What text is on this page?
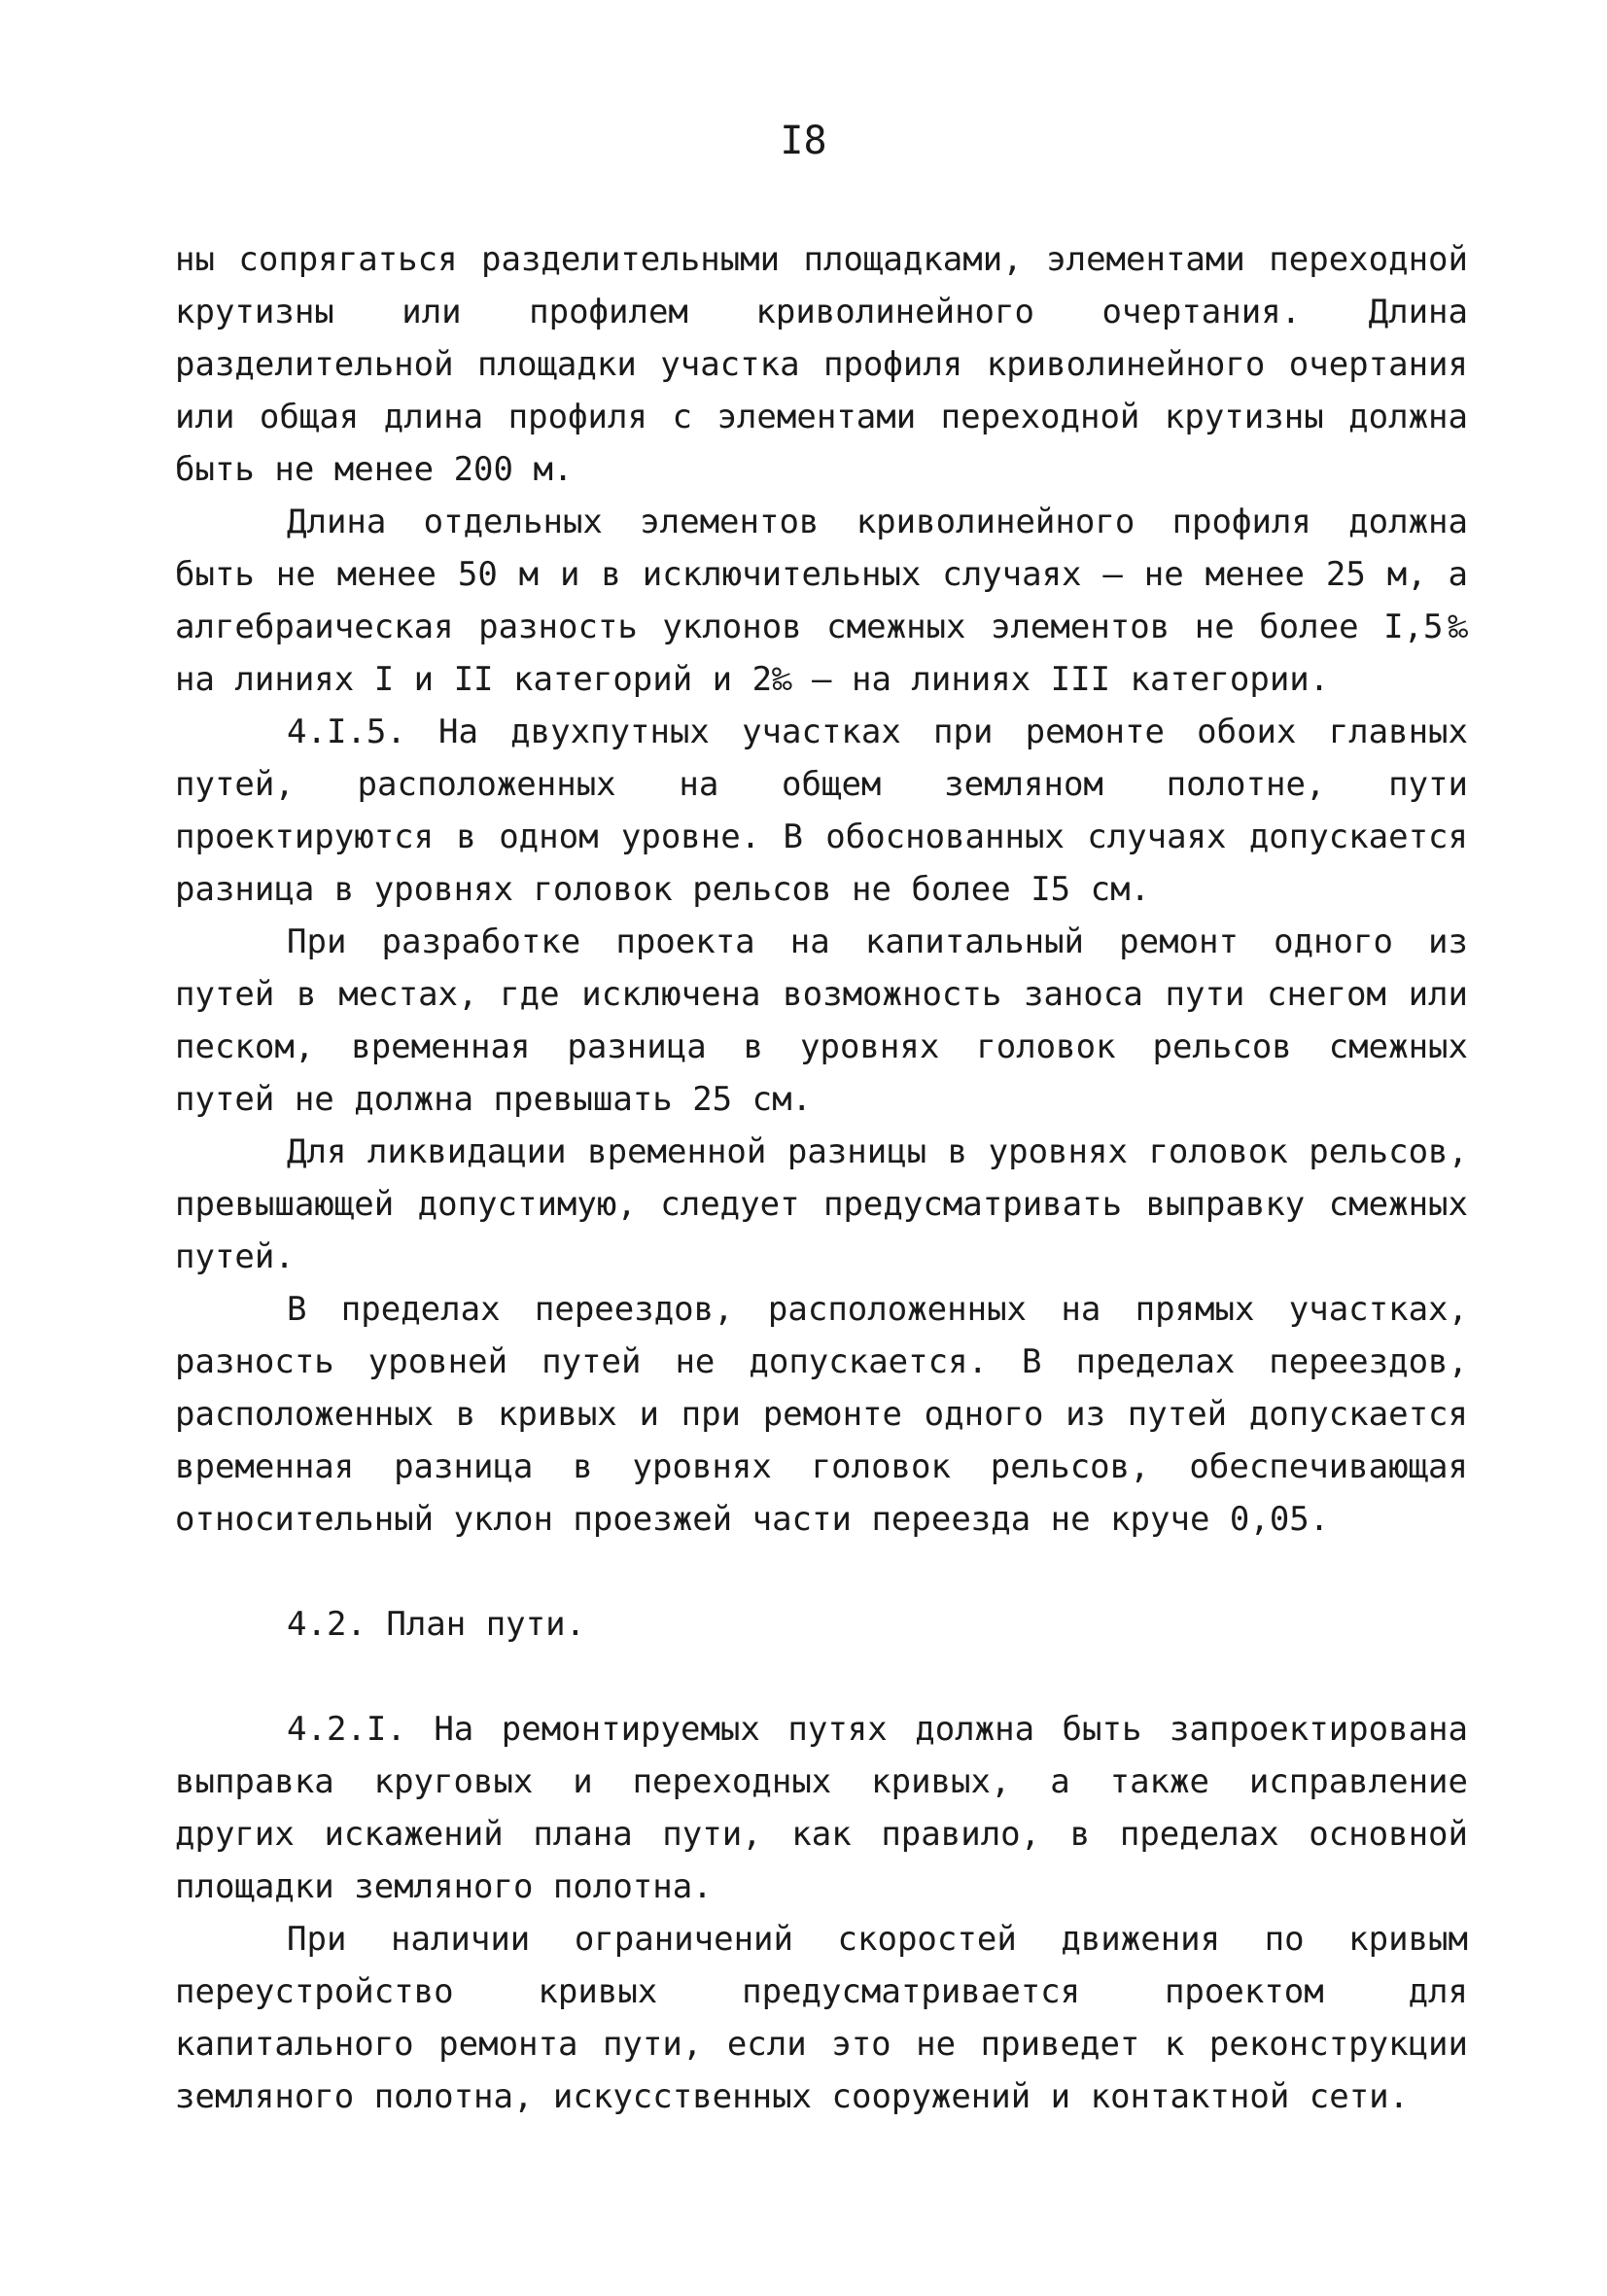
I8

ны сопрягаться разделительными площадками, элементами переходной крутизны или профилем криволинейного очертания. Длина разделительной площадки участка профиля криволинейного очертания или общая длина профиля с элементами переходной крутизны должна быть не менее 200 м.

Длина отдельных элементов криволинейного профиля должна быть не менее 50 м и в исключительных случаях – не менее 25 м, а алгебраическая разность уклонов смежных элементов не более I,5‰ на линиях I и II категорий и 2‰ – на линиях III категории.

4.I.5. На двухпутных участках при ремонте обоих главных путей, расположенных на общем земляном полотне, пути проектируются в одном уровне. В обоснованных случаях допускается разница в уровнях головок рельсов не более I5 см.

При разработке проекта на капитальный ремонт одного из путей в местах, где исключена возможность заноса пути снегом или песком, временная разница в уровнях головок рельсов смежных путей не должна превышать 25 см.

Для ликвидации временной разницы в уровнях головок рельсов, превышающей допустимую, следует предусматривать выправку смежных путей.

В пределах переездов, расположенных на прямых участках, разность уровней путей не допускается. В пределах переездов, расположенных в кривых и при ремонте одного из путей допускается временная разница в уровнях головок рельсов, обеспечивающая относительный уклон проезжей части переезда не круче 0,05.

4.2. План пути.

4.2.I. На ремонтируемых путях должна быть запроектирована выправка круговых и переходных кривых, а также исправление других искажений плана пути, как правило, в пределах основной площадки земляного полотна.

При наличии ограничений скоростей движения по кривым переустройство кривых предусматривается проектом для капитального ремонта пути, если это не приведет к реконструкции земляного полотна, искусственных сооружений и контактной сети.
